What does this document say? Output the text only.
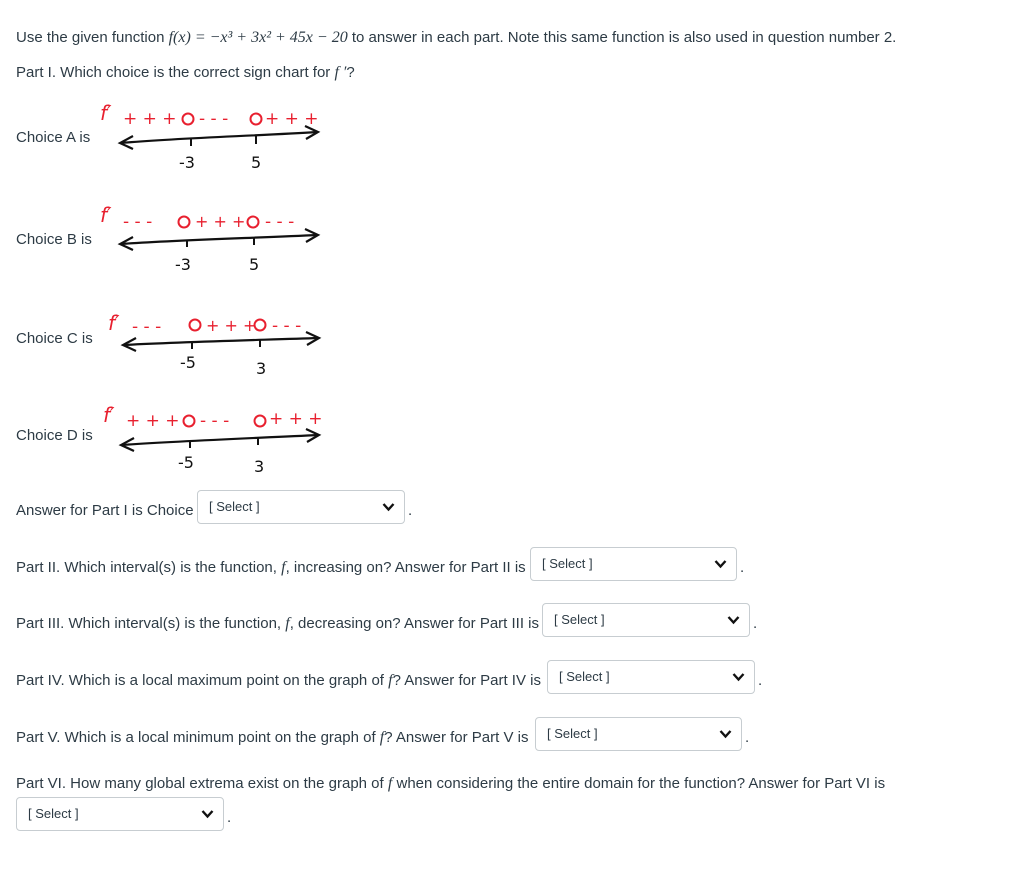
Use the given function f(x) = −x³ + 3x² + 45x − 20 to answer in each part. Note this same function is also used in question number 2.
Part I. Which choice is the correct sign chart for f ′?
Choice A is
f′ + + + - - - + + +
-3	5
Choice B is
f′ - - -	+ + + - - -
-3	5
Choice C is
f′ - - -	+ + + - - -
-5	3
Choice D is
f′ + + + - - - + + +
-5	3
Answer for Part I is Choice [ Select ]	.
Part II. Which interval(s) is the function, f, increasing on? Answer for Part II is [ Select ]	.
Part III. Which interval(s) is the function, f, decreasing on? Answer for Part III is [ Select ]	.
Part IV. Which is a local maximum point on the graph of f? Answer for Part IV is [ Select ]	.
Part V. Which is a local minimum point on the graph of f? Answer for Part V is [ Select ]	.
Part VI. How many global extrema exist on the graph of f when considering the entire domain for the function? Answer for Part VI is
[ Select ]	.
